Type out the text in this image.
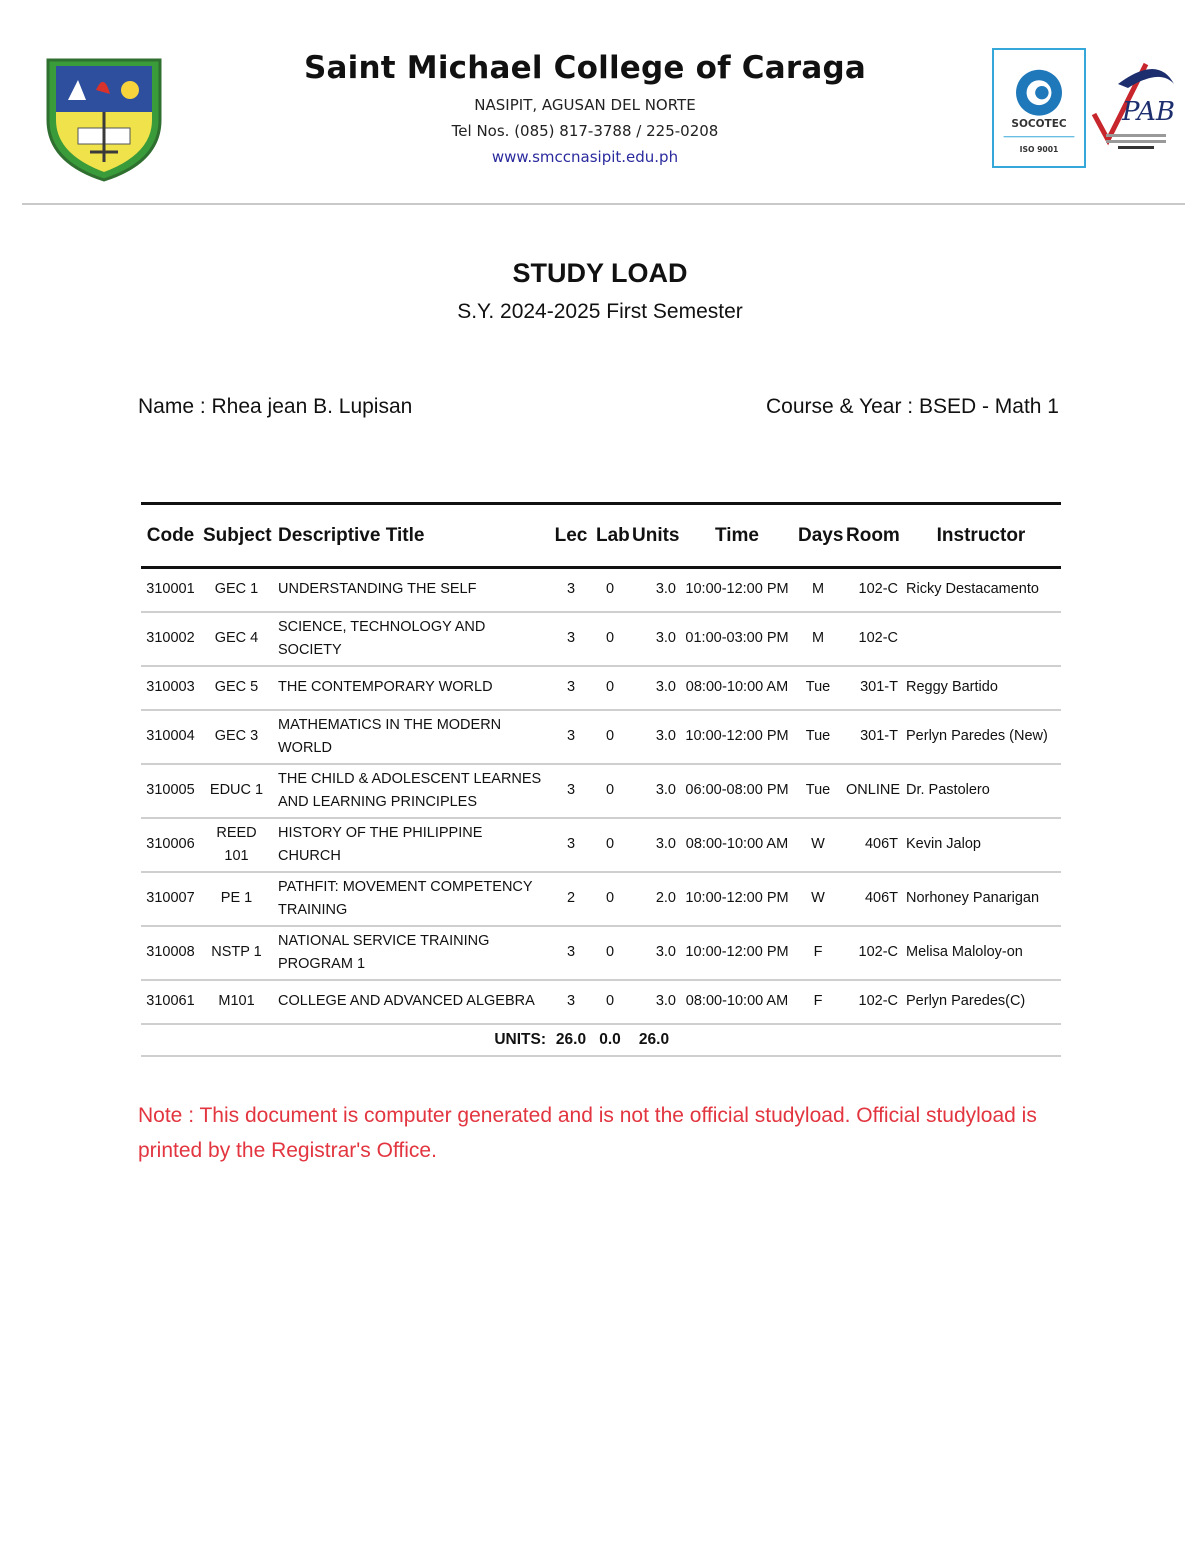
Saint Michael College of Caraga
NASIPIT, AGUSAN DEL NORTE
Tel Nos. (085) 817-3788 / 225-0208
www.smccnasipit.edu.ph
SOCOTEC
ISO 9001
PAB
STUDY LOAD
S.Y. 2024-2025 First Semester
Name : Rhea jean B. Lupisan	Course & Year : BSED - Math 1
Code	Subject	Descriptive Title	Lec	Lab	Units	Time	Days	Room	Instructor
310001	GEC 1	UNDERSTANDING THE SELF	3	0	3.0	10:00-12:00 PM	M	102-C	Ricky Destacamento
310002	GEC 4	SCIENCE, TECHNOLOGY AND SOCIETY	3	0	3.0	01:00-03:00 PM	M	102-C	
310003	GEC 5	THE CONTEMPORARY WORLD	3	0	3.0	08:00-10:00 AM	Tue	301-T	Reggy Bartido
310004	GEC 3	MATHEMATICS IN THE MODERN WORLD	3	0	3.0	10:00-12:00 PM	Tue	301-T	Perlyn Paredes (New)
310005	EDUC 1	THE CHILD & ADOLESCENT LEARNES AND LEARNING PRINCIPLES	3	0	3.0	06:00-08:00 PM	Tue	ONLINE	Dr. Pastolero
310006	REED 101	HISTORY OF THE PHILIPPINE CHURCH	3	0	3.0	08:00-10:00 AM	W	406T	Kevin Jalop
310007	PE 1	PATHFIT: MOVEMENT COMPETENCY TRAINING	2	0	2.0	10:00-12:00 PM	W	406T	Norhoney Panarigan
310008	NSTP 1	NATIONAL SERVICE TRAINING PROGRAM 1	3	0	3.0	10:00-12:00 PM	F	102-C	Melisa Maloloy-on
310061	M101	COLLEGE AND ADVANCED ALGEBRA	3	0	3.0	08:00-10:00 AM	F	102-C	Perlyn Paredes(C)
UNITS:			26.0	0.0	26.0				
Note : This document is computer generated and is not the official studyload. Official studyload is printed by the Registrar's Office.
